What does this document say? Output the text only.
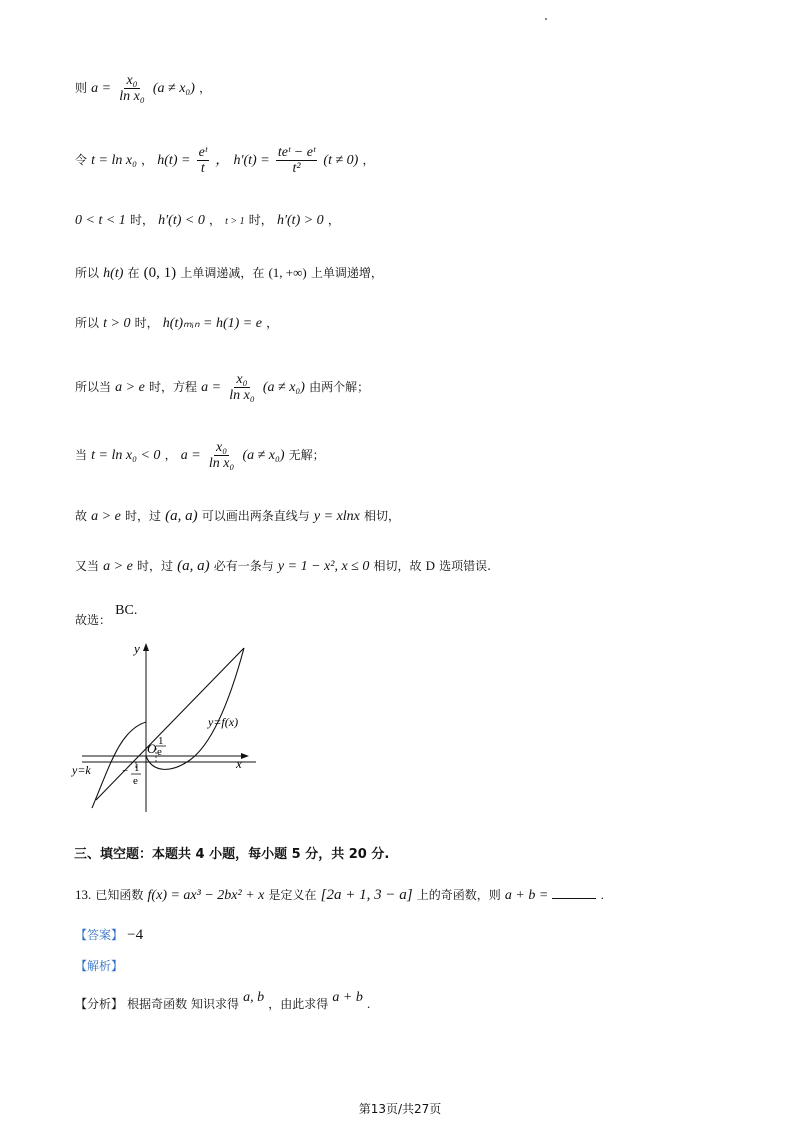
则 $a = \frac{\text{x₀}}{\text{ln x₀}} (a \ne x_0)$ ，
令 t = ln x₀ ， $h(t) = \frac{\text{eᵗ}}{t}$ ， $h'(t) = \frac{\text{teᵗ − eᵗ}}{\text{t²}} (t \ne 0)$ ，
0 < t < 1 时， h′(t) < 0 ， t > 1 时， h′(t) > 0 ，
所以 h(t) 在 (0, 1) 上单调递减，在 (1, +∞) 上单调递增，
所以 t > 0 时， h(t)ₘᵢₙ = h(1) = e ，
所以当 a > e 时，方程 $a = \frac{\text{x₀}}{\text{ln x₀}} (a \ne x_0)$ 由两个解；
当 t = ln x₀ < 0 ， $a = \frac{\text{x₀}}{\text{ln x₀}} (a \ne x_0)$ 无解；
故 a > e 时，过 (a, a) 可以画出两条直线与 y = xlnx 相切，
又当 a > e 时，过 (a, a) 必有一条与 y = 1 − x², x ≤ 0 相切，故 D 选项错误.
故选： BC.
y
x
O
y=f(x)
y=k
1
e
− 1
e
三、填空题：本题共 4 小题，每小题 5 分，共 20 分.
13. 已知函数 f(x) = ax³ − 2bx² + x 是定义在 [2a + 1, 3 − a] 上的奇函数，则 a + b =	.
【答案】 −4
【解析】
【分析】 根据奇函数 知识求得 a, b ，由此求得 a + b .
第13页/共27页
